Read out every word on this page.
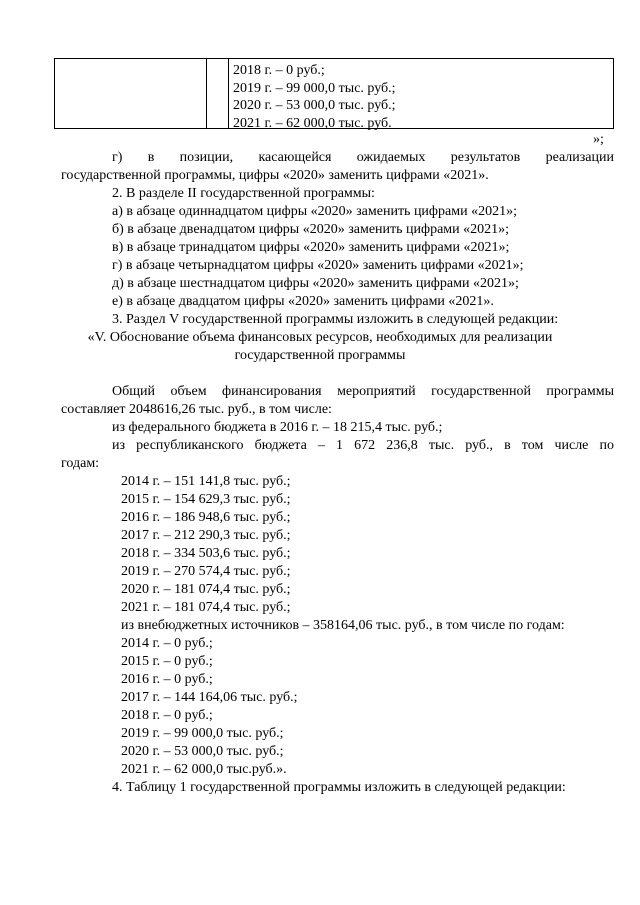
2018 г. – 0 руб.;
2019 г. – 99 000,0 тыс. руб.;
2020 г. – 53 000,0 тыс. руб.;
2021 г. – 62 000,0 тыс. руб.
»;
г) в позиции, касающейся ожидаемых результатов реализации
государственной программы, цифры «2020» заменить цифрами «2021».
2. В разделе II государственной программы:
а) в абзаце одиннадцатом цифры «2020» заменить цифрами «2021»;
б) в абзаце двенадцатом цифры «2020» заменить цифрами «2021»;
в) в абзаце тринадцатом цифры «2020» заменить цифрами «2021»;
г) в абзаце четырнадцатом цифры «2020» заменить цифрами «2021»;
д) в абзаце шестнадцатом цифры «2020» заменить цифрами «2021»;
е) в абзаце двадцатом цифры «2020» заменить цифрами «2021».
3. Раздел V государственной программы изложить в следующей редакции:
«V. Обоснование объема финансовых ресурсов, необходимых для реализации
государственной программы
Общий объем финансирования мероприятий государственной программы
составляет 2048616,26 тыс. руб., в том числе:
из федерального бюджета в 2016 г. – 18 215,4 тыс. руб.;
из республиканского бюджета – 1 672 236,8 тыс. руб., в том числе по
годам:
2014 г. – 151 141,8 тыс. руб.;
2015 г. – 154 629,3 тыс. руб.;
2016 г. – 186 948,6 тыс. руб.;
2017 г. – 212 290,3 тыс. руб.;
2018 г. – 334 503,6 тыс. руб.;
2019 г. – 270 574,4 тыс. руб.;
2020 г. – 181 074,4 тыс. руб.;
2021 г. – 181 074,4 тыс. руб.;
из внебюджетных источников – 358164,06 тыс. руб., в том числе по годам:
2014 г. – 0 руб.;
2015 г. – 0 руб.;
2016 г. – 0 руб.;
2017 г. – 144 164,06 тыс. руб.;
2018 г. – 0 руб.;
2019 г. – 99 000,0 тыс. руб.;
2020 г. – 53 000,0 тыс. руб.;
2021 г. – 62 000,0 тыс.руб.».
4. Таблицу 1 государственной программы изложить в следующей редакции:
